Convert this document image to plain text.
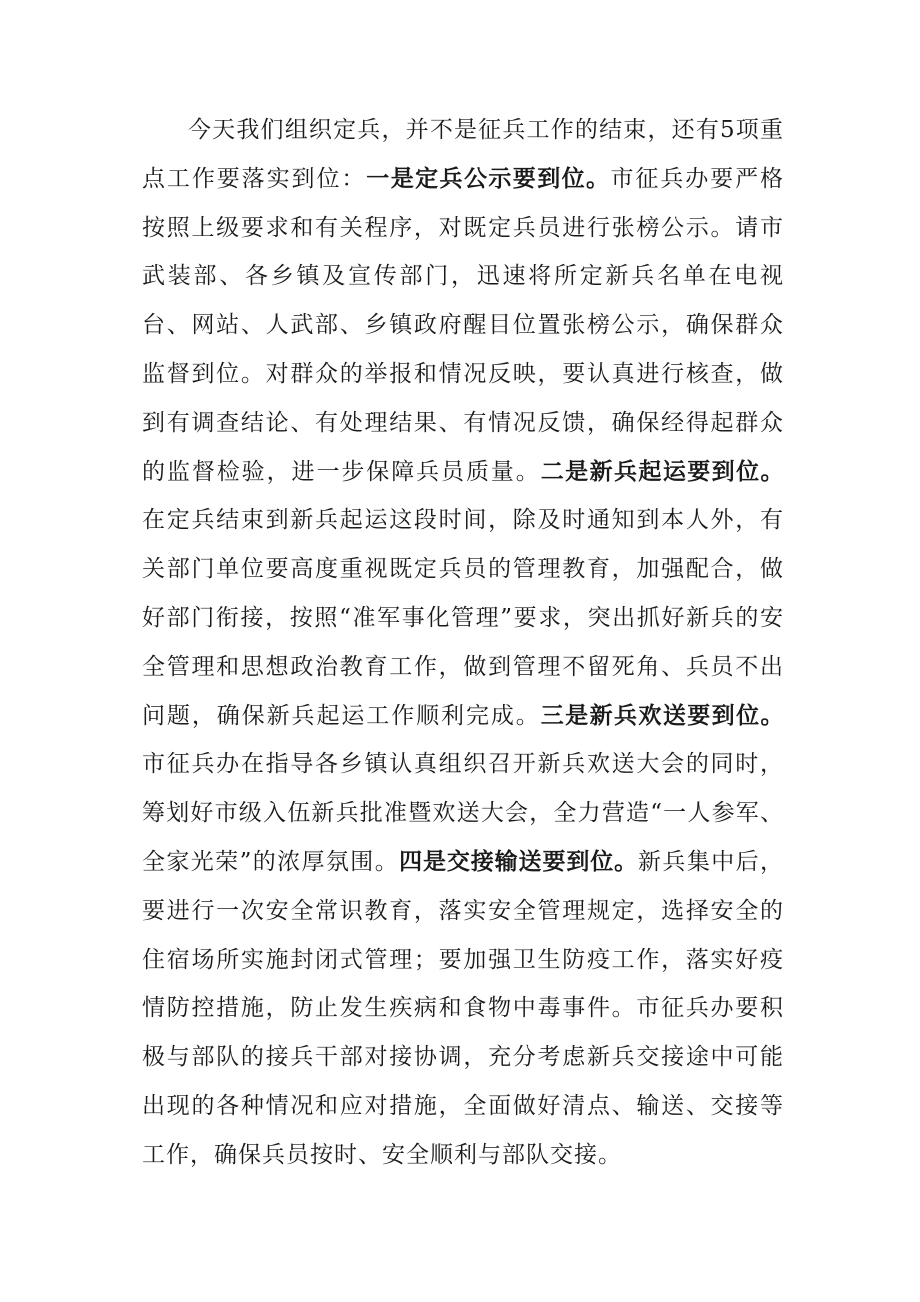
今天我们组织定兵，并不是征兵工作的结束，还有5项重点工作要落实到位：一是定兵公示要到位。市征兵办要严格按照上级要求和有关程序，对既定兵员进行张榜公示。请市武装部、各乡镇及宣传部门，迅速将所定新兵名单在电视台、网站、人武部、乡镇政府醒目位置张榜公示，确保群众监督到位。对群众的举报和情况反映，要认真进行核查，做到有调查结论、有处理结果、有情况反馈，确保经得起群众的监督检验，进一步保障兵员质量。二是新兵起运要到位。在定兵结束到新兵起运这段时间，除及时通知到本人外，有关部门单位要高度重视既定兵员的管理教育，加强配合，做好部门衔接，按照“准军事化管理”要求，突出抓好新兵的安全管理和思想政治教育工作，做到管理不留死角、兵员不出问题，确保新兵起运工作顺利完成。三是新兵欢送要到位。市征兵办在指导各乡镇认真组织召开新兵欢送大会的同时，筹划好市级入伍新兵批准暨欢送大会，全力营造“一人参军、全家光荣”的浓厚氛围。四是交接输送要到位。新兵集中后，要进行一次安全常识教育，落实安全管理规定，选择安全的住宿场所实施封闭式管理；要加强卫生防疫工作，落实好疫情防控措施，防止发生疾病和食物中毒事件。市征兵办要积极与部队的接兵干部对接协调，充分考虑新兵交接途中可能出现的各种情况和应对措施，全面做好清点、输送、交接等工作，确保兵员按时、安全顺利与部队交接。
